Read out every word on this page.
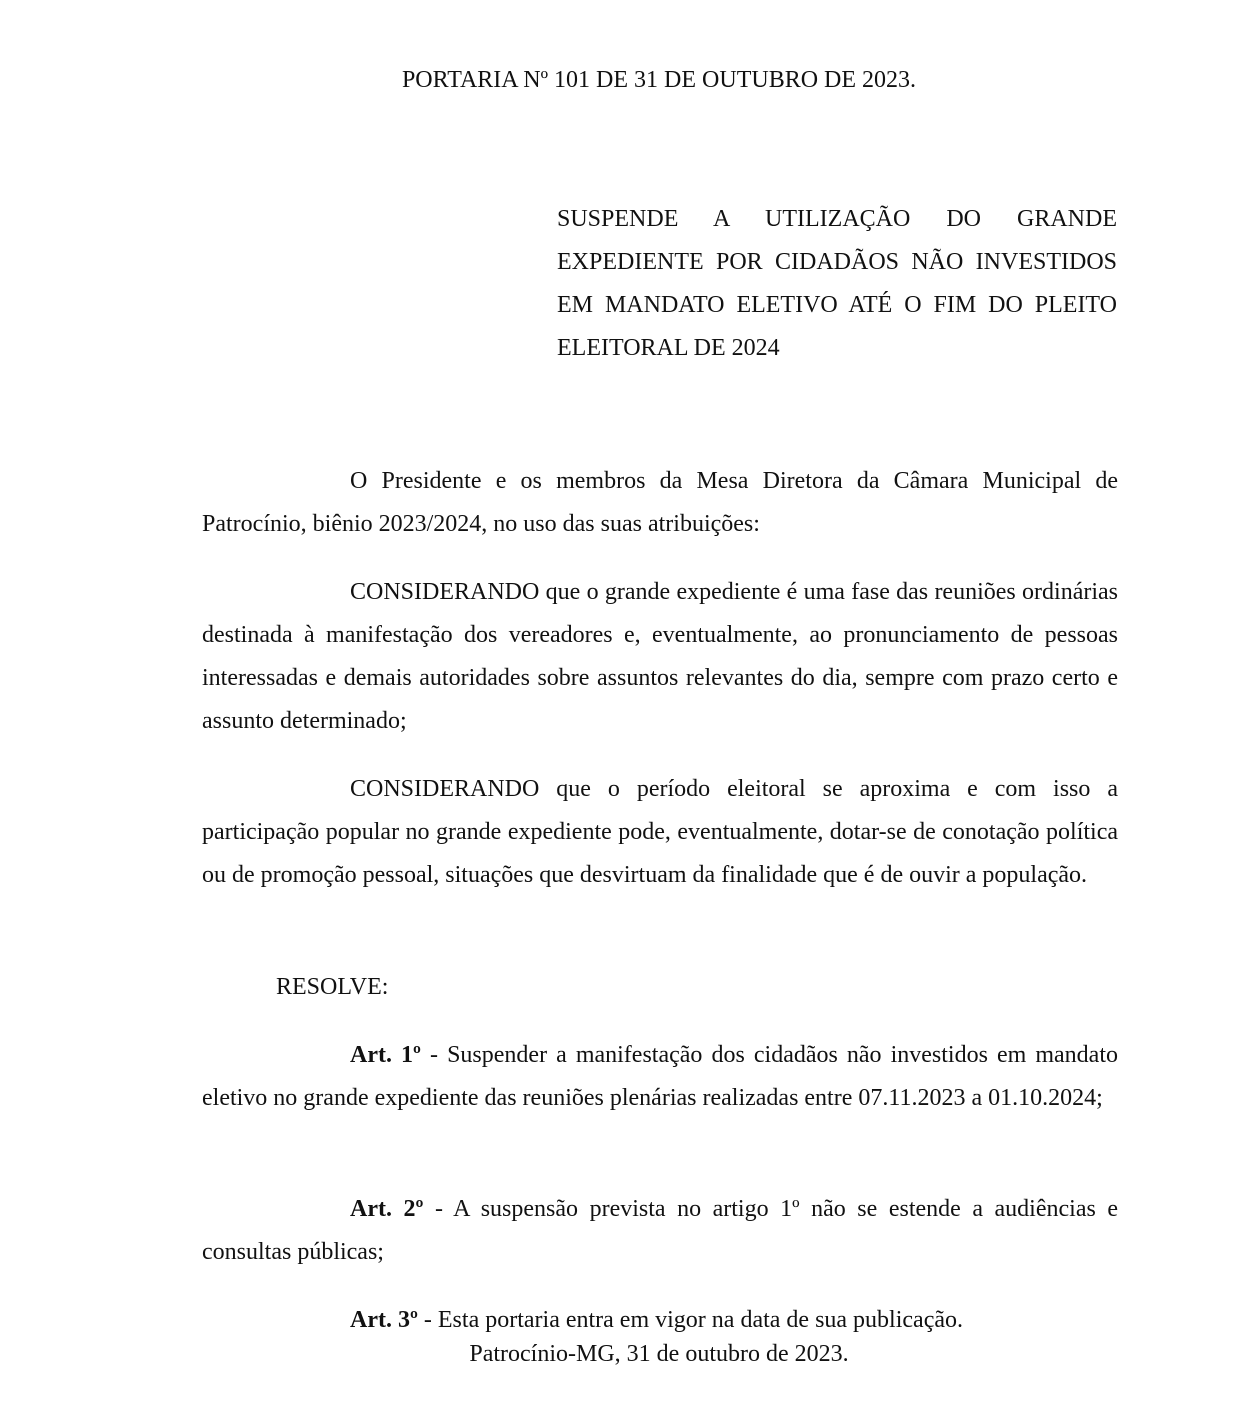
PORTARIA Nº 101 DE 31 DE OUTUBRO DE 2023.
SUSPENDE A UTILIZAÇÃO DO GRANDE
EXPEDIENTE POR CIDADÃOS NÃO INVESTIDOS
EM MANDATO ELETIVO ATÉ O FIM DO PLEITO
ELEITORAL DE 2024

O Presidente e os membros da Mesa Diretora da Câmara Municipal de Patrocínio, biênio 2023/2024, no uso das suas atribuições:

CONSIDERANDO que o grande expediente é uma fase das reuniões ordinárias destinada à manifestação dos vereadores e, eventualmente, ao pronunciamento de pessoas interessadas e demais autoridades sobre assuntos relevantes do dia, sempre com prazo certo e assunto determinado;

CONSIDERANDO que o período eleitoral se aproxima e com isso a participação popular no grande expediente pode, eventualmente, dotar-se de conotação política ou de promoção pessoal, situações que desvirtuam da finalidade que é de ouvir a população.

RESOLVE:

Art. 1º - Suspender a manifestação dos cidadãos não investidos em mandato eletivo no grande expediente das reuniões plenárias realizadas entre 07.11.2023 a 01.10.2024;

Art. 2º - A suspensão prevista no artigo 1º não se estende a audiências e consultas públicas;

Art. 3º - Esta portaria entra em vigor na data de sua publicação.

Patrocínio-MG, 31 de outubro de 2023.
